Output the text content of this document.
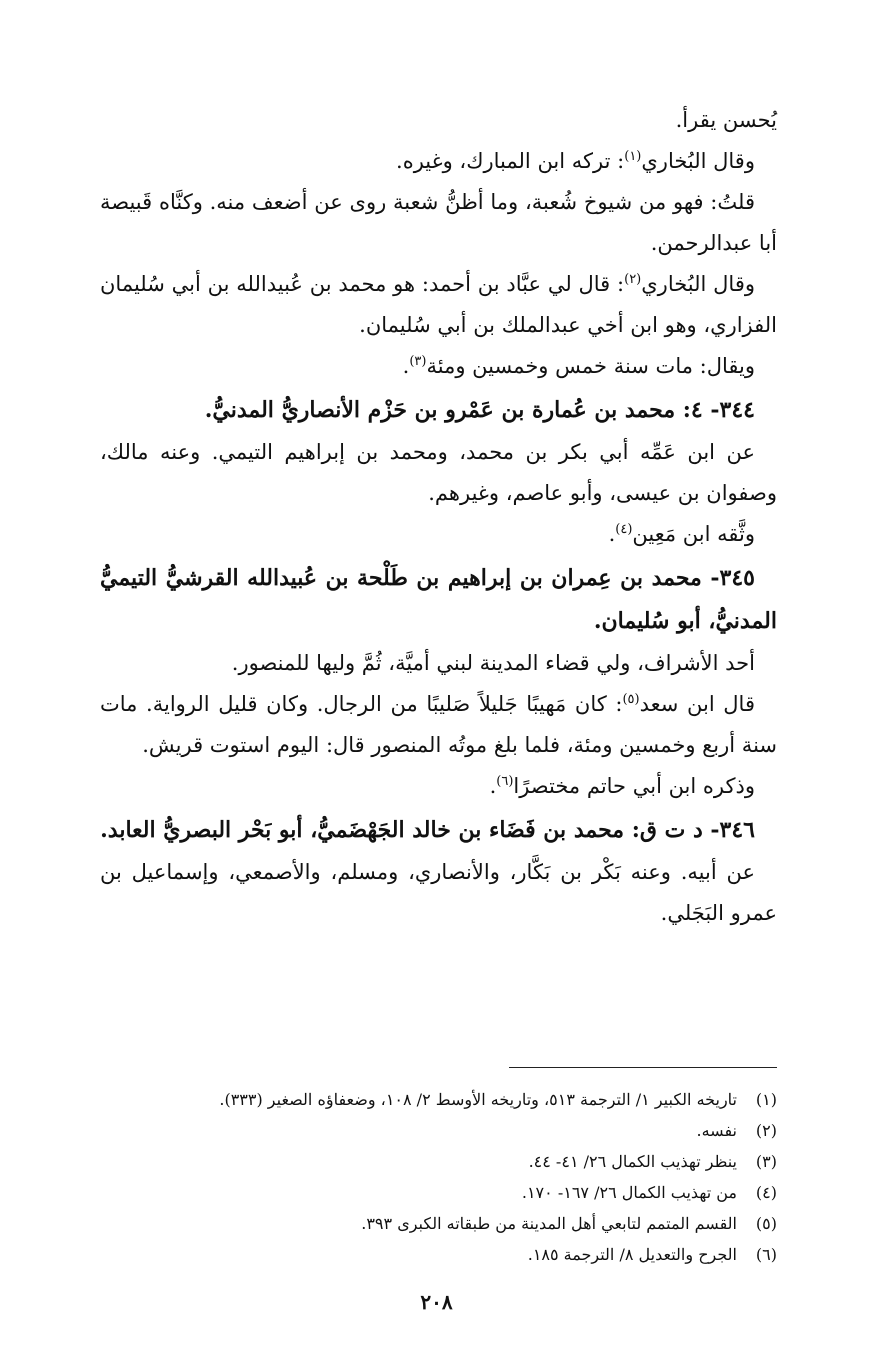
يُحسن يقرأ.

وقال البُخاري$^{(١)}$: تركه ابن المبارك، وغيره.

قلتُ: فهو من شيوخ شُعبة، وما أظنُّ شعبة روى عن أضعف منه. وكنَّاه قَبيصة أبا عبدالرحمن.

وقال البُخاري$^{(٢)}$: قال لي عبَّاد بن أحمد: هو محمد بن عُبيدالله بن أبي سُليمان الفزاري، وهو ابن أخي عبدالملك بن أبي سُليمان.

ويقال: مات سنة خمس وخمسين ومئة$^{(٣)}$.

٣٤٤- ٤: محمد بن عُمارة بن عَمْرو بن حَزْم الأنصاريُّ المدنيُّ.

عن ابن عَمِّه أبي بكر بن محمد، ومحمد بن إبراهيم التيمي. وعنه مالك، وصفوان بن عيسى، وأبو عاصم، وغيرهم.

وثَّقه ابن مَعِين$^{(٤)}$.

٣٤٥- محمد بن عِمران بن إبراهيم بن طَلْحة بن عُبيدالله القرشيُّ التيميُّ المدنيُّ، أبو سُليمان.

أحد الأشراف، ولي قضاء المدينة لبني أميَّة، ثُمَّ وليها للمنصور.

قال ابن سعد$^{(٥)}$: كان مَهيبًا جَليلاً صَليبًا من الرجال. وكان قليل الرواية. مات سنة أربع وخمسين ومئة، فلما بلغ موتُه المنصور قال: اليوم استوت قريش.

وذكره ابن أبي حاتم مختصرًا$^{(٦)}$.

٣٤٦- د ت ق: محمد بن فَضَاء بن خالد الجَهْضَميُّ، أبو بَحْر البصريُّ العابد.

عن أبيه. وعنه بَكْر بن بَكَّار، والأنصاري، ومسلم، والأصمعي، وإسماعيل بن عمرو البَجَلي.

(١)
تاريخه الكبير ١/ الترجمة ٥١٣، وتاريخه الأوسط ٢/ ١٠٨، وضعفاؤه الصغير (٣٣٣).
(٢)
نفسه.
(٣)
ينظر تهذيب الكمال ٢٦/ ٤١- ٤٤.
(٤)
من تهذيب الكمال ٢٦/ ١٦٧- ١٧٠.
(٥)
القسم المتمم لتابعي أهل المدينة من طبقاته الكبرى ٣٩٣.
(٦)
الجرح والتعديل ٨/ الترجمة ١٨٥.
٢٠٨
